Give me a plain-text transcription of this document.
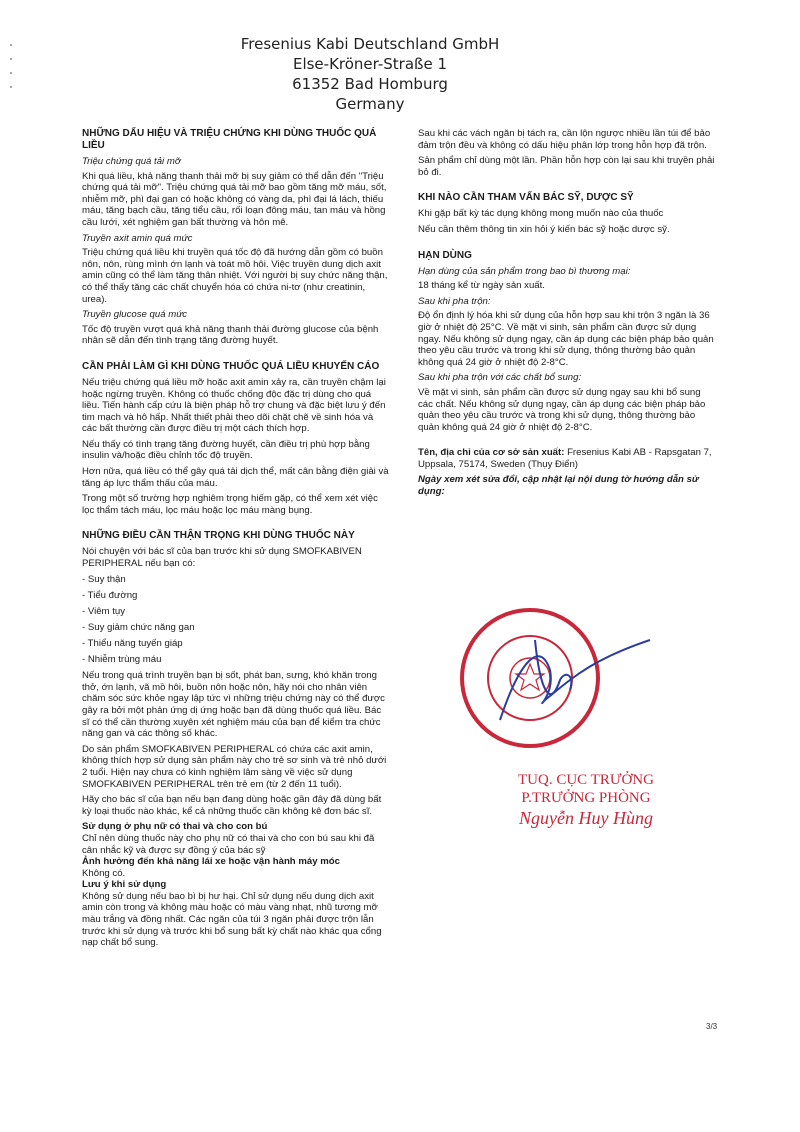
Fresenius Kabi Deutschland GmbH
Else-Kröner-Straße 1
61352 Bad Homburg
Germany
NHỮNG DẤU HIỆU VÀ TRIỆU CHỨNG KHI DÙNG THUỐC QUÁ LIỀU

Triệu chứng quá tải mỡ

Khi quá liều, khả năng thanh thải mỡ bị suy giảm có thể dẫn đến "Triệu chứng quá tải mỡ". Triệu chứng quá tải mỡ bao gồm tăng mỡ máu, sốt, nhiễm mỡ, phì đại gan có hoặc không có vàng da, phì đại lá lách, thiếu máu, tăng bạch cầu, tăng tiểu cầu, rối loạn đông máu, tan máu và hồng cầu lưới, xét nghiệm gan bất thường và hôn mê.

Truyền axit amin quá mức

Triệu chứng quá liều khi truyền quá tốc độ đã hướng dẫn gồm có buồn nôn, nôn, rùng mình ớn lạnh và toát mồ hôi. Việc truyền dung dịch axit amin cũng có thể làm tăng thân nhiệt. Với người bị suy chức năng thận, có thể thấy tăng các chất chuyển hóa có chứa ni-tơ (như creatinin, urea).

Truyền glucose quá mức

Tốc độ truyền vượt quá khả năng thanh thải đường glucose của bệnh nhân sẽ dẫn đến tình trạng tăng đường huyết.

CẦN PHẢI LÀM GÌ KHI DÙNG THUỐC QUÁ LIỀU KHUYẾN CÁO

Nếu triệu chứng quá liều mỡ hoặc axit amin xảy ra, cần truyền chậm lại hoặc ngừng truyền. Không có thuốc chống độc đặc trị dùng cho quá liều. Tiến hành cấp cứu là biện pháp hỗ trợ chung và đặc biệt lưu ý đến tim mạch và hô hấp. Nhất thiết phải theo dõi chặt chẽ về sinh hóa và các bất thường cần được điều trị một cách thích hợp.

Nếu thấy có tình trạng tăng đường huyết, cần điều trị phù hợp bằng insulin và/hoặc điều chỉnh tốc độ truyền.

Hơn nữa, quá liều có thể gây quá tải dịch thể, mất cân bằng điện giải và tăng áp lực thẩm thấu của máu.

Trong một số trường hợp nghiêm trọng hiếm gặp, có thể xem xét việc lọc thẩm tách máu, lọc máu hoặc lọc máu màng bụng.

NHỮNG ĐIỀU CẦN THẬN TRỌNG KHI DÙNG THUỐC NÀY

Nói chuyện với bác sĩ của bạn trước khi sử dụng SMOFKABIVEN PERIPHERAL nếu bạn có:

- Suy thận
- Tiểu đường
- Viêm tụy
- Suy giảm chức năng gan
- Thiểu năng tuyến giáp
- Nhiễm trùng máu

Nếu trong quá trình truyền bạn bị sốt, phát ban, sưng, khó khăn trong thở, ớn lạnh, vã mồ hôi, buồn nôn hoặc nôn, hãy nói cho nhân viên chăm sóc sức khỏe ngay lập tức vì những triệu chứng này có thể được gây ra bởi một phản ứng dị ứng hoặc bạn đã dùng thuốc quá liều. Bác sĩ có thể cần thường xuyên xét nghiệm máu của bạn để kiểm tra chức năng gan và các thông số khác.

Do sản phẩm SMOFKABIVEN PERIPHERAL có chứa các axit amin, không thích hợp sử dụng sản phẩm này cho trẻ sơ sinh và trẻ nhỏ dưới 2 tuổi. Hiện nay chưa có kinh nghiệm lâm sàng về việc sử dụng SMOFKABIVEN PERIPHERAL trên trẻ em (từ 2 đến 11 tuổi).

Hãy cho bác sĩ của bạn nếu bạn đang dùng hoặc gần đây đã dùng bất kỳ loại thuốc nào khác, kể cả những thuốc cần không kê đơn bác sĩ.

Sử dụng ở phụ nữ có thai và cho con bú

Chỉ nên dùng thuốc này cho phụ nữ có thai và cho con bú sau khi đã cân nhắc kỹ và được sự đồng ý của bác sỹ

Ảnh hưởng đến khả năng lái xe hoặc vận hành máy móc

Không có.

Lưu ý khi sử dụng

Không sử dụng nếu bao bì bị hư hại. Chỉ sử dụng nếu dung dịch axit amin còn trong và không màu hoặc có màu vàng nhạt, nhũ tương mỡ màu trắng và đồng nhất. Các ngăn của túi 3 ngăn phải được trộn lẫn trước khi sử dụng và trước khi bổ sung bất kỳ chất nào khác qua cổng nạp chất bổ sung.

Sau khi các vách ngăn bị tách ra, cần lộn ngược nhiều lần túi để bảo đảm trộn đều và không có dấu hiệu phân lớp trong hỗn hợp đã trộn.

Sản phẩm chỉ dùng một lần. Phần hỗn hợp còn lại sau khi truyền phải bỏ đi.

KHI NÀO CẦN THAM VẤN BÁC SỸ, DƯỢC SỸ

Khi gặp bất kỳ tác dụng không mong muốn nào của thuốc

Nếu cần thêm thông tin xin hỏi ý kiến bác sỹ hoặc dược sỹ.

HẠN DÙNG

Hạn dùng của sản phẩm trong bao bì thương mại:

18 tháng kể từ ngày sản xuất.

Sau khi pha trộn:

Độ ổn định lý hóa khi sử dụng của hỗn hợp sau khi trộn 3 ngăn là 36 giờ ở nhiệt độ 25°C. Về mặt vi sinh, sản phẩm cần được sử dụng ngay. Nếu không sử dụng ngay, cần áp dụng các biện pháp bảo quản theo yêu cầu trước và trong khi sử dụng, thông thường bảo quản không quá 24 giờ ở nhiệt độ 2-8°C.

Sau khi pha trộn với các chất bổ sung:

Về mặt vi sinh, sản phẩm cần được sử dụng ngay sau khi bổ sung các chất. Nếu không sử dụng ngay, cần áp dụng các biện pháp bảo quản theo yêu cầu trước và trong khi sử dụng, thông thường bảo quản không quá 24 giờ ở nhiệt độ 2-8°C.

Tên, địa chỉ của cơ sở sản xuất: Fresenius Kabi AB - Rapsgatan 7, Uppsala, 75174, Sweden (Thụy Điển)

Ngày xem xét sửa đổi, cập nhật lại nội dung tờ hướng dẫn sử dụng:

TUQ. CỤC TRƯỞNG
P.TRƯỞNG PHÒNG
Nguyễn Huy Hùng
3/3
